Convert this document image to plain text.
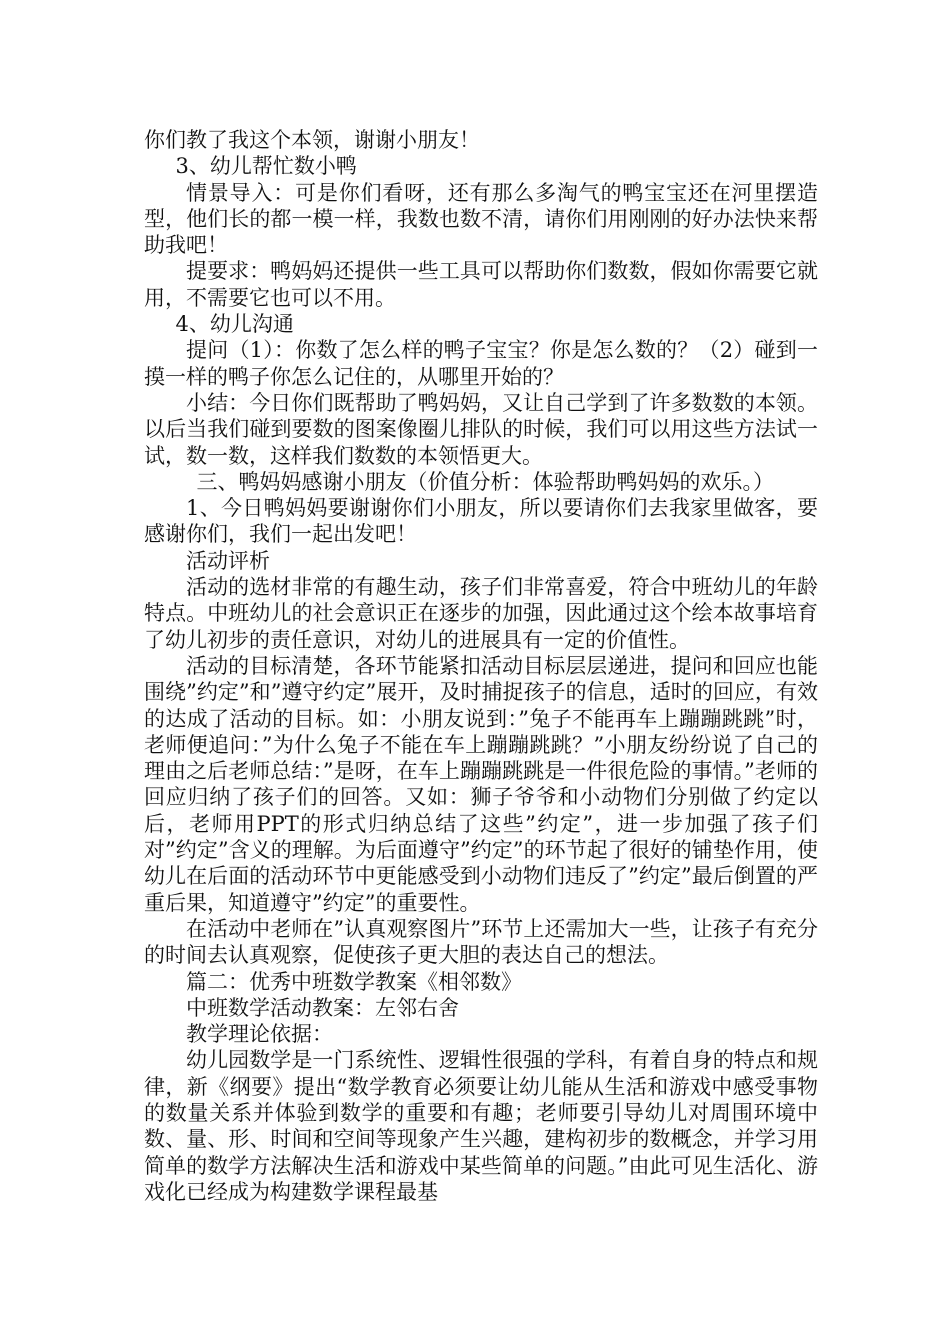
你们教了我这个本领，谢谢小朋友！

3、幼儿帮忙数小鸭

情景导入：可是你们看呀，还有那么多淘气的鸭宝宝还在河里摆造型，他们长的都一模一样，我数也数不清，请你们用刚刚的好办法快来帮助我吧！

提要求：鸭妈妈还提供一些工具可以帮助你们数数，假如你需要它就用，不需要它也可以不用。

4、幼儿沟通

提问（1）：你数了怎么样的鸭子宝宝？你是怎么数的？（2）碰到一摸一样的鸭子你怎么记住的，从哪里开始的？

小结：今日你们既帮助了鸭妈妈，又让自己学到了许多数数的本领。以后当我们碰到要数的图案像圈儿排队的时候，我们可以用这些方法试一试，数一数，这样我们数数的本领悟更大。

三、鸭妈妈感谢小朋友（价值分析：体验帮助鸭妈妈的欢乐。）

1、今日鸭妈妈要谢谢你们小朋友，所以要请你们去我家里做客，要感谢你们，我们一起出发吧！

活动评析

活动的选材非常的有趣生动，孩子们非常喜爱，符合中班幼儿的年龄特点。中班幼儿的社会意识正在逐步的加强，因此通过这个绘本故事培育了幼儿初步的责任意识，对幼儿的进展具有一定的价值性。

活动的目标清楚，各环节能紧扣活动目标层层递进，提问和回应也能围绕”约定”和”遵守约定”展开，及时捕捉孩子的信息，适时的回应，有效的达成了活动的目标。如：小朋友说到：”兔子不能再车上蹦蹦跳跳”时，老师便追问：”为什么兔子不能在车上蹦蹦跳跳？”小朋友纷纷说了自己的理由之后老师总结：”是呀，在车上蹦蹦跳跳是一件很危险的事情。”老师的回应归纳了孩子们的回答。又如：狮子爷爷和小动物们分别做了约定以后，老师用PPT的形式归纳总结了这些”约定”，进一步加强了孩子们对”约定”含义的理解。为后面遵守”约定”的环节起了很好的铺垫作用，使幼儿在后面的活动环节中更能感受到小动物们违反了”约定”最后倒置的严重后果，知道遵守”约定”的重要性。

在活动中老师在”认真观察图片”环节上还需加大一些，让孩子有充分的时间去认真观察，促使孩子更大胆的表达自己的想法。

篇二：优秀中班数学教案《相邻数》

中班数学活动教案：左邻右舍

教学理论依据：

幼儿园数学是一门系统性、逻辑性很强的学科，有着自身的特点和规律，新《纲要》提出“数学教育必须要让幼儿能从生活和游戏中感受事物的数量关系并体验到数学的重要和有趣；老师要引导幼儿对周围环境中数、量、形、时间和空间等现象产生兴趣，建构初步的数概念，并学习用简单的数学方法解决生活和游戏中某些简单的问题。”由此可见生活化、游戏化已经成为构建数学课程最基
